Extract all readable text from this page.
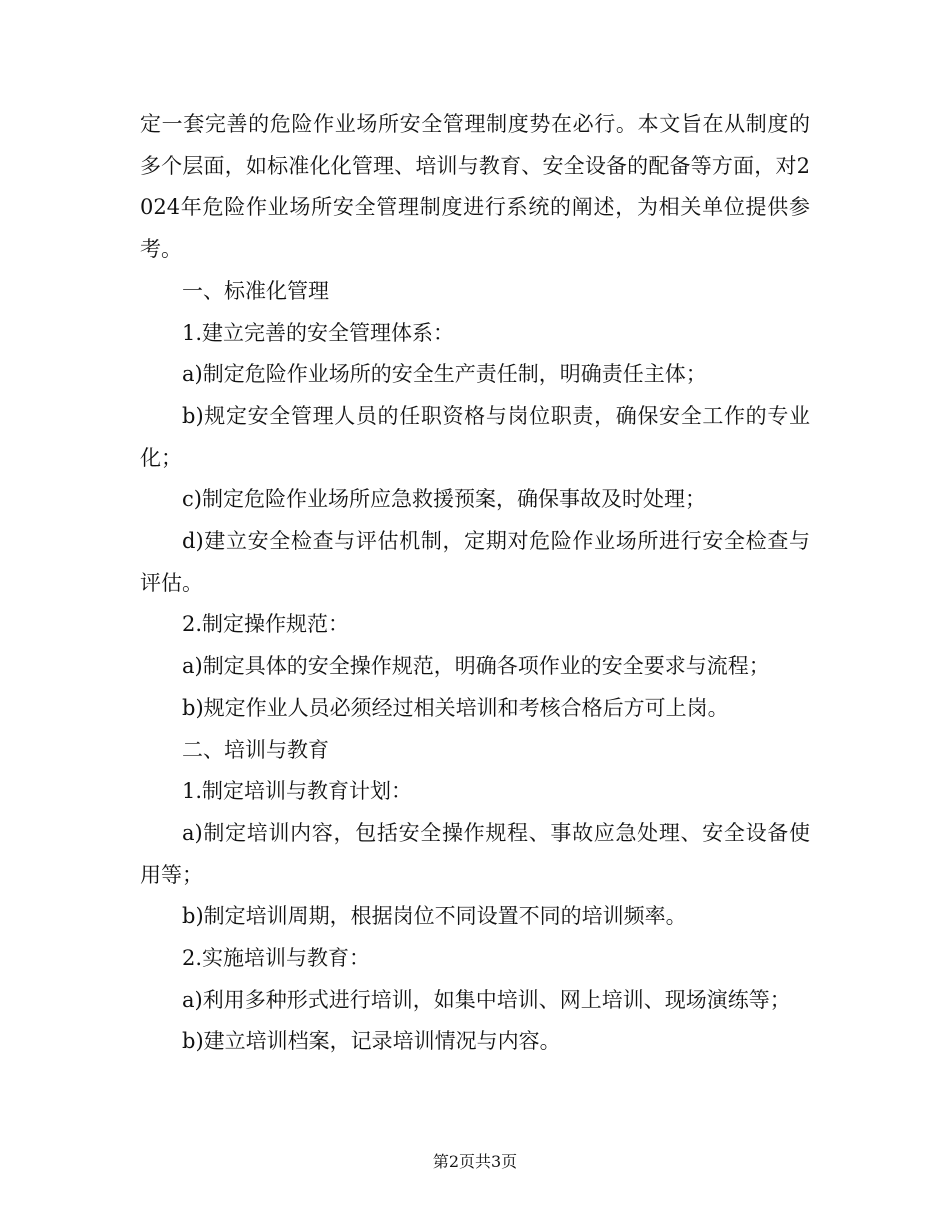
定一套完善的危险作业场所安全管理制度势在必行。本文旨在从制度的多个层面，如标准化化管理、培训与教育、安全设备的配备等方面，对2024年危险作业场所安全管理制度进行系统的阐述，为相关单位提供参考。

一、标准化管理

1.建立完善的安全管理体系：

a)制定危险作业场所的安全生产责任制，明确责任主体；

b)规定安全管理人员的任职资格与岗位职责，确保安全工作的专业化；

c)制定危险作业场所应急救援预案，确保事故及时处理；

d)建立安全检查与评估机制，定期对危险作业场所进行安全检查与评估。

2.制定操作规范：

a)制定具体的安全操作规范，明确各项作业的安全要求与流程；

b)规定作业人员必须经过相关培训和考核合格后方可上岗。

二、培训与教育

1.制定培训与教育计划：

a)制定培训内容，包括安全操作规程、事故应急处理、安全设备使用等；

b)制定培训周期，根据岗位不同设置不同的培训频率。

2.实施培训与教育：

a)利用多种形式进行培训，如集中培训、网上培训、现场演练等；

b)建立培训档案，记录培训情况与内容。

第2页共3页
